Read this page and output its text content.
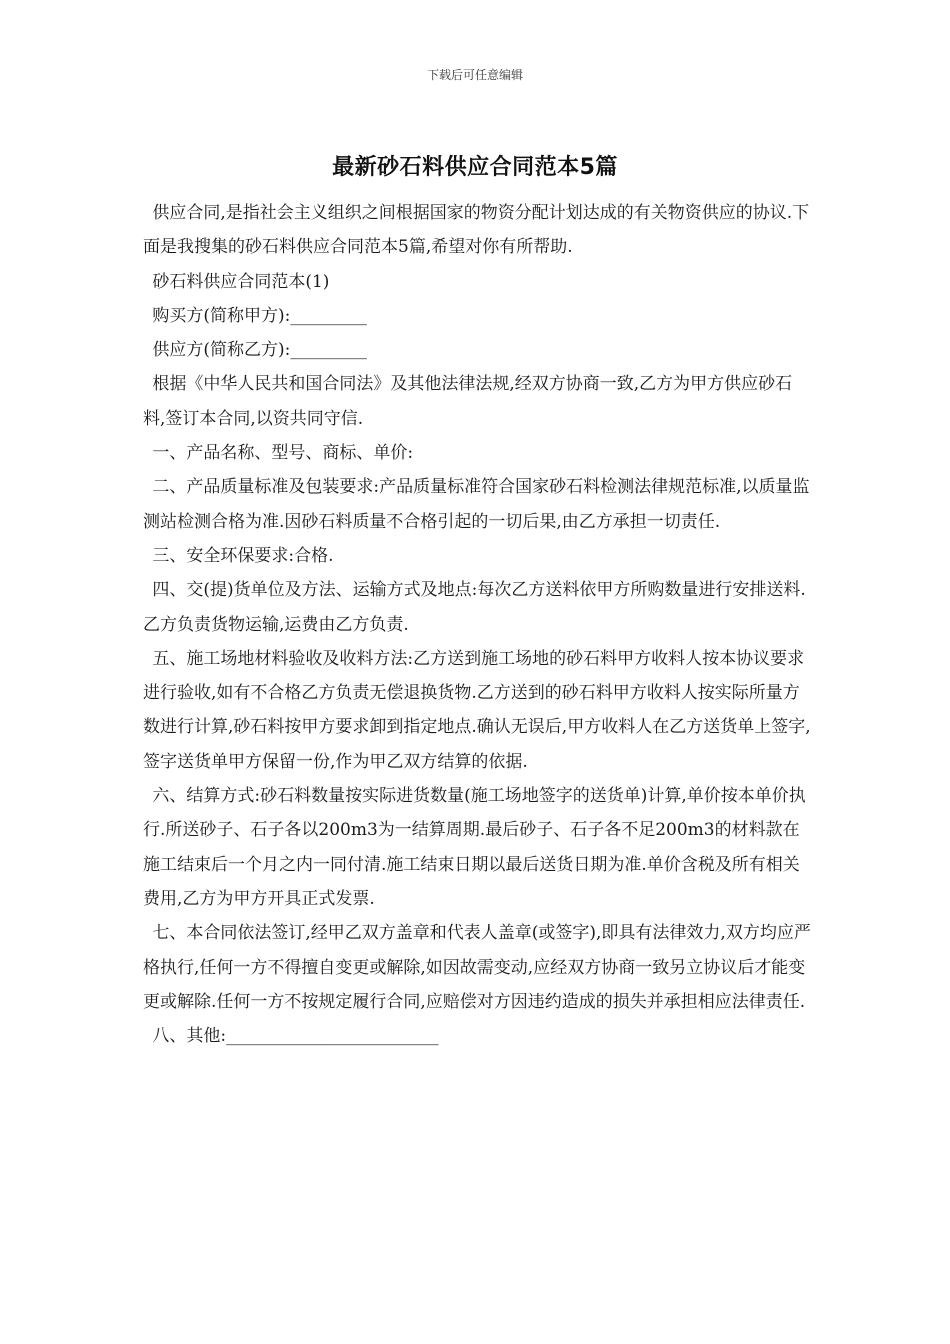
下载后可任意编辑
最新砂石料供应合同范本5篇

供应合同,是指社会主义组织之间根据国家的物资分配计划达成的有关物资供应的协议.下面是我搜集的砂石料供应合同范本5篇,希望对你有所帮助.

砂石料供应合同范本(1)

购买方(简称甲方):_________

供应方(简称乙方):_________

根据《中华人民共和国合同法》及其他法律法规,经双方协商一致,乙方为甲方供应砂石料,签订本合同,以资共同守信.

一、产品名称、型号、商标、单价:

二、产品质量标准及包装要求:产品质量标准符合国家砂石料检测法律规范标准,以质量监测站检测合格为准.因砂石料质量不合格引起的一切后果,由乙方承担一切责任.

三、安全环保要求:合格.

四、交(提)货单位及方法、运输方式及地点:每次乙方送料依甲方所购数量进行安排送料.乙方负责货物运输,运费由乙方负责.

五、施工场地材料验收及收料方法:乙方送到施工场地的砂石料甲方收料人按本协议要求进行验收,如有不合格乙方负责无偿退换货物.乙方送到的砂石料甲方收料人按实际所量方数进行计算,砂石料按甲方要求卸到指定地点.确认无误后,甲方收料人在乙方送货单上签字,签字送货单甲方保留一份,作为甲乙双方结算的依据.

六、结算方式:砂石料数量按实际进货数量(施工场地签字的送货单)计算,单价按本单价执行.所送砂子、石子各以200m3为一结算周期.最后砂子、石子各不足200m3的材料款在施工结束后一个月之内一同付清.施工结束日期以最后送货日期为准.单价含税及所有相关费用,乙方为甲方开具正式发票.

七、本合同依法签订,经甲乙双方盖章和代表人盖章(或签字),即具有法律效力,双方均应严格执行,任何一方不得擅自变更或解除,如因故需变动,应经双方协商一致另立协议后才能变更或解除.任何一方不按规定履行合同,应赔偿对方因违约造成的损失并承担相应法律责任.

八、其他:_________________________
